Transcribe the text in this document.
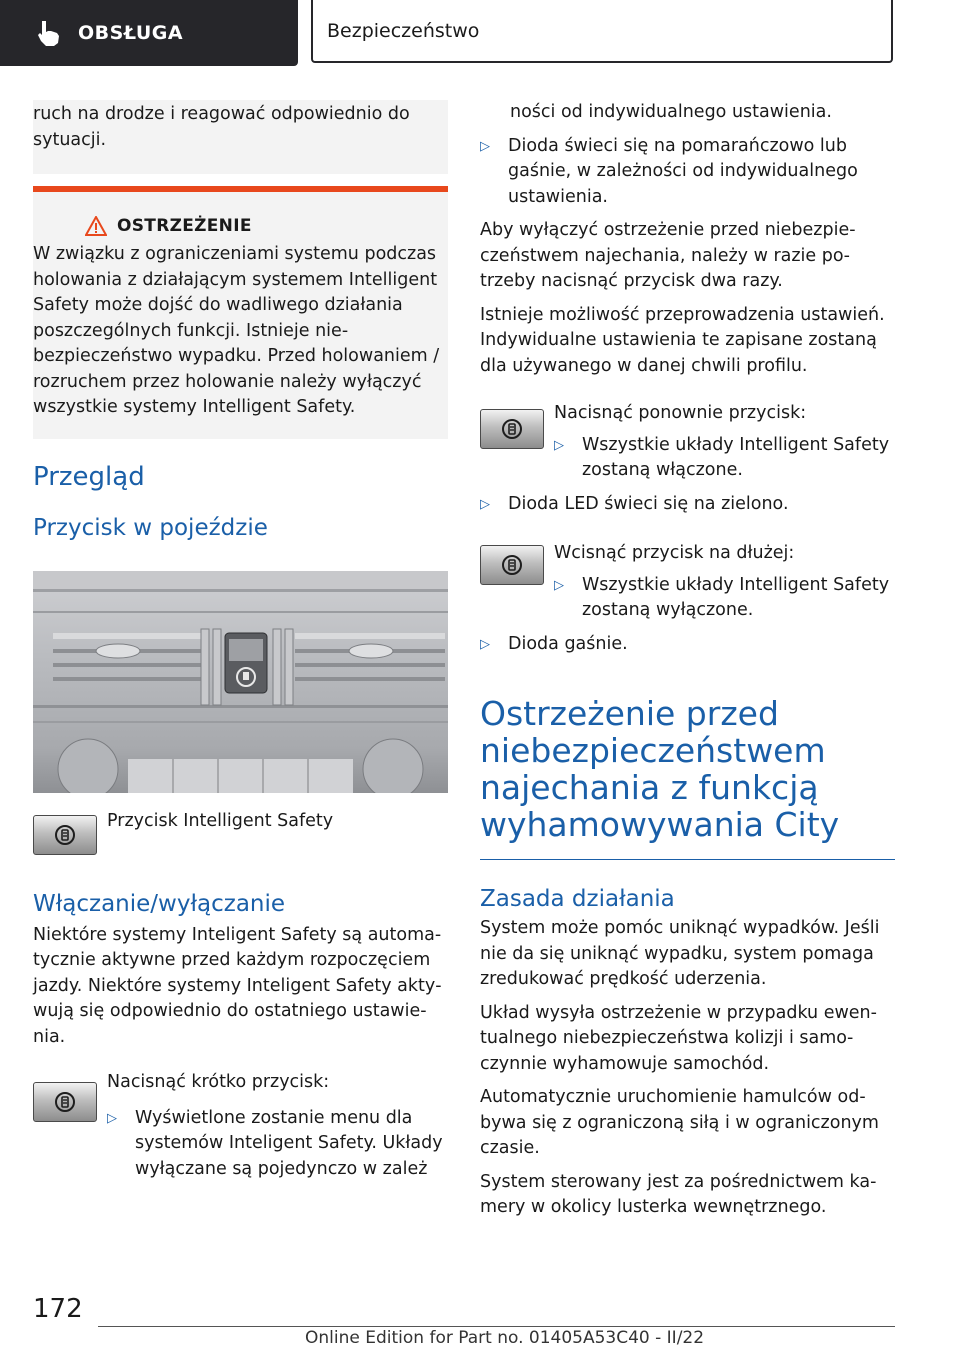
OBSŁUGA	Bezpieczeństwo

ruch na drodze i reagować odpowiednio do sytuacji.

OSTRZEŻENIE

W związku z ograniczeniami systemu podczas holowania z działającym systemem Intelligent Safety może dojść do wadliwego działania poszczególnych funkcji. Istnieje niebezpieczeństwo wypadku. Przed holowaniem / rozruchem przez holowanie należy wyłączyć wszystkie systemy Intelligent Safety.

Przegląd
Przycisk w pojeździe

Przycisk Intelligent Safety

Włączanie/wyłączanie

Niektóre systemy Inteligent Safety są automatycznie aktywne przed każdym rozpoczęciem jazdy. Niektóre systemy Inteligent Safety aktywują się odpowiednio do ostatniego ustawienia.

Nacisnąć krótko przycisk:

▷	Wyświetlone zostanie menu dla systemów Inteligent Safety. Układy wyłączane są pojedynczo w zależ

ności od indywidualnego ustawienia.

▷	Dioda świeci się na pomarańczowo lub gaśnie, w zależności od indywidualnego ustawienia.

Aby wyłączyć ostrzeżenie przed niebezpieczeństwem najechania, należy w razie potrzeby nacisnąć przycisk dwa razy.

Istnieje możliwość przeprowadzenia ustawień. Indywidualne ustawienia te zapisane zostaną dla używanego w danej chwili profilu.

Nacisnąć ponownie przycisk:

▷	Wszystkie układy Intelligent Safety zostaną włączone.

▷	Dioda LED świeci się na zielono.

Wcisnąć przycisk na dłużej:

▷	Wszystkie układy Intelligent Safety zostaną wyłączone.

▷	Dioda gaśnie.

Ostrzeżenie przed niebezpieczeństwem najechania z funkcją wyhamowywania City
Zasada działania

System może pomóc uniknąć wypadków. Jeśli nie da się uniknąć wypadku, system pomaga zredukować prędkość uderzenia.

Układ wysyła ostrzeżenie w przypadku ewentualnego niebezpieczeństwa kolizji i samoczynnie wyhamowuje samochód.

Automatycznie uruchomienie hamulców odbywa się z ograniczoną siłą i w ograniczonym czasie.

System sterowany jest za pośrednictwem kamery w okolicy lusterka wewnętrznego.

172
Online Edition for Part no. 01405A53C40 - II/22
